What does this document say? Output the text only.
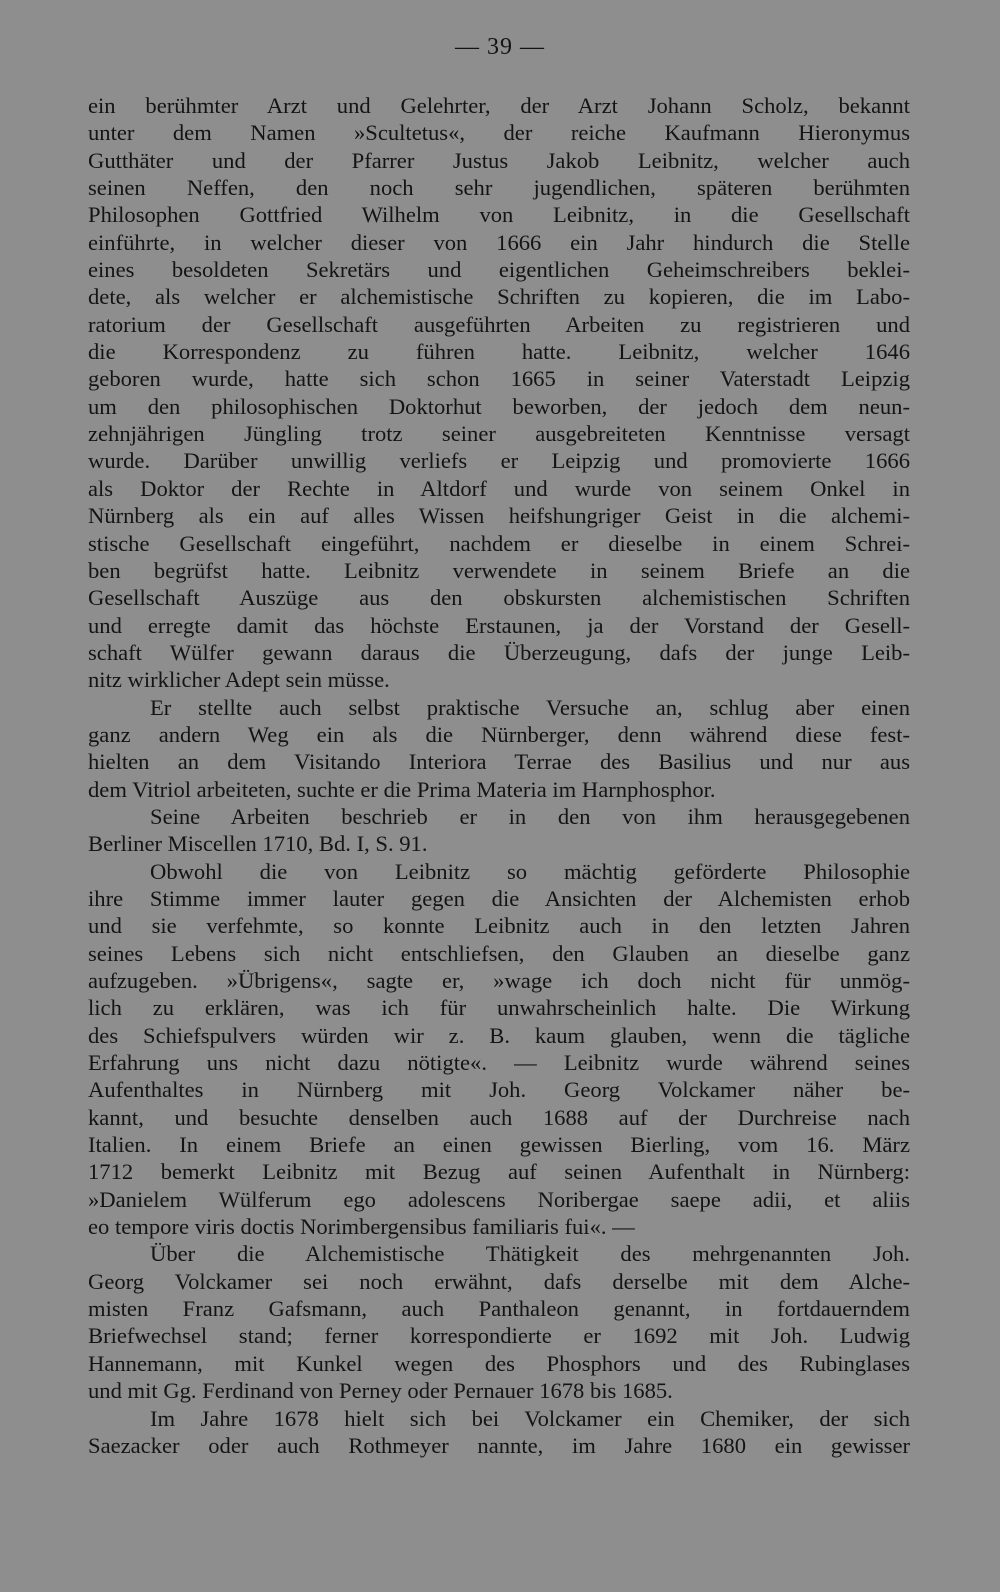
— 39 —
ein berühmter Arzt und Gelehrter, der Arzt Johann Scholz, bekannt
unter dem Namen »Scultetus«, der reiche Kaufmann Hieronymus
Gutthäter und der Pfarrer Justus Jakob Leibnitz, welcher auch
seinen Neffen, den noch sehr jugendlichen, späteren berühmten
Philosophen Gottfried Wilhelm von Leibnitz, in die Gesellschaft
einführte, in welcher dieser von 1666 ein Jahr hindurch die Stelle
eines besoldeten Sekretärs und eigentlichen Geheimschreibers beklei-
dete, als welcher er alchemistische Schriften zu kopieren, die im Labo-
ratorium der Gesellschaft ausgeführten Arbeiten zu registrieren und
die Korrespondenz zu führen hatte. Leibnitz, welcher 1646
geboren wurde, hatte sich schon 1665 in seiner Vaterstadt Leipzig
um den philosophischen Doktorhut beworben, der jedoch dem neun-
zehnjährigen Jüngling trotz seiner ausgebreiteten Kenntnisse versagt
wurde. Darüber unwillig verliefs er Leipzig und promovierte 1666
als Doktor der Rechte in Altdorf und wurde von seinem Onkel in
Nürnberg als ein auf alles Wissen heifshungriger Geist in die alchemi-
stische Gesellschaft eingeführt, nachdem er dieselbe in einem Schrei-
ben begrüfst hatte. Leibnitz verwendete in seinem Briefe an die
Gesellschaft Auszüge aus den obskursten alchemistischen Schriften
und erregte damit das höchste Erstaunen, ja der Vorstand der Gesell-
schaft Wülfer gewann daraus die Überzeugung, dafs der junge Leib-
nitz wirklicher Adept sein müsse.
Er stellte auch selbst praktische Versuche an, schlug aber einen
ganz andern Weg ein als die Nürnberger, denn während diese fest-
hielten an dem Visitando Interiora Terrae des Basilius und nur aus
dem Vitriol arbeiteten, suchte er die Prima Materia im Harnphosphor.
Seine Arbeiten beschrieb er in den von ihm herausgegebenen
Berliner Miscellen 1710, Bd. I, S. 91.
Obwohl die von Leibnitz so mächtig geförderte Philosophie
ihre Stimme immer lauter gegen die Ansichten der Alchemisten erhob
und sie verfehmte, so konnte Leibnitz auch in den letzten Jahren
seines Lebens sich nicht entschliefsen, den Glauben an dieselbe ganz
aufzugeben. »Übrigens«, sagte er, »wage ich doch nicht für unmög-
lich zu erklären, was ich für unwahrscheinlich halte. Die Wirkung
des Schiefspulvers würden wir z. B. kaum glauben, wenn die tägliche
Erfahrung uns nicht dazu nötigte«. — Leibnitz wurde während seines
Aufenthaltes in Nürnberg mit Joh. Georg Volckamer näher be-
kannt, und besuchte denselben auch 1688 auf der Durchreise nach
Italien. In einem Briefe an einen gewissen Bierling, vom 16. März
1712 bemerkt Leibnitz mit Bezug auf seinen Aufenthalt in Nürnberg:
»Danielem Wülferum ego adolescens Noribergae saepe adii, et aliis
eo tempore viris doctis Norimbergensibus familiaris fui«. —
Über die Alchemistische Thätigkeit des mehrgenannten Joh.
Georg Volckamer sei noch erwähnt, dafs derselbe mit dem Alche-
misten Franz Gafsmann, auch Panthaleon genannt, in fortdauerndem
Briefwechsel stand; ferner korrespondierte er 1692 mit Joh. Ludwig
Hannemann, mit Kunkel wegen des Phosphors und des Rubinglases
und mit Gg. Ferdinand von Perney oder Pernauer 1678 bis 1685.
Im Jahre 1678 hielt sich bei Volckamer ein Chemiker, der sich
Saezacker oder auch Rothmeyer nannte, im Jahre 1680 ein gewisser
